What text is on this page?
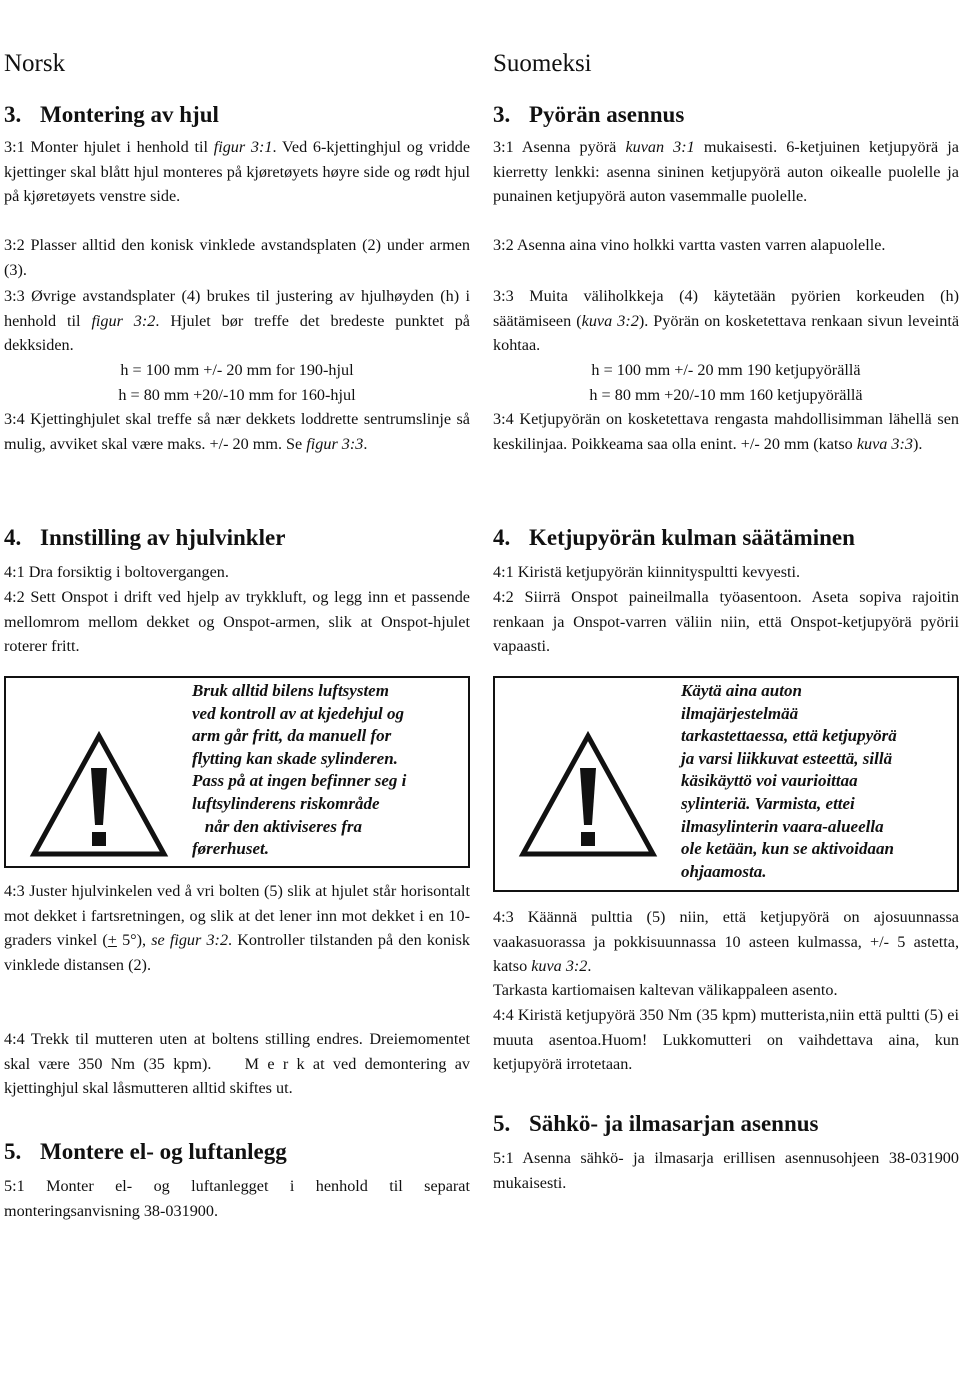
Norsk
3. Montering av hjul

3:1 Monter hjulet i henhold til figur 3:1. Ved 6-kjettinghjul og vridde kjettinger skal blått hjul monteres på kjøretøyets høyre side og rødt hjul på kjøretøyets venstre side.

3:2 Plasser alltid den konisk vinklede avstandsplaten (2) under armen (3).

3:3 Øvrige avstandsplater (4) brukes til justering av hjulhøyden (h) i henhold til figur 3:2. Hjulet bør treffe det bredeste punktet på dekksiden.

h = 100 mm +/- 20 mm for 190-hjul

h = 80 mm +20/-10 mm for 160-hjul

3:4 Kjettinghjulet skal treffe så nær dekkets loddrette sentrumslinje så mulig, avviket skal være maks. +/- 20 mm. Se figur 3:3.

4. Innstilling av hjulvinkler

4:1 Dra forsiktig i boltovergangen.

4:2 Sett Onspot i drift ved hjelp av trykkluft, og legg inn et passende mellomrom mellom dekket og Onspot-armen, slik at Onspot-hjulet roterer fritt.

Bruk alltid bilens luftsystem
ved kontroll av at kjedehjul og
arm går fritt, da manuell for
flytting kan skade sylinderen.
Pass på at ingen befinner seg i
luftsylinderens riskområde
når den aktiviseres fra
førerhuset.

4:3 Juster hjulvinkelen ved å vri bolten (5) slik at hjulet står horisontalt mot dekket i fartsretningen, og slik at det lener inn mot dekket i en 10-graders vinkel (+ 5°), se figur 3:2. Kontroller tilstanden på den konisk vinklede distansen (2).

4:4 Trekk til mutteren uten at boltens stilling endres. Dreiemomentet skal være 350 Nm (35 kpm).    M e r k at ved demontering av kjettinghjul skal låsmutteren alltid skiftes ut.

5. Montere el- og luftanlegg

5:1 Monter el- og luftanlegget i henhold til separat monteringsanvisning 38-031900.

Suomeksi
3. Pyörän asennus

3:1 Asenna pyörä kuvan 3:1 mukaisesti. 6-ketjuinen ketjupyörä ja kierretty lenkki: asenna sininen ketjupyörä auton oikealle puolelle ja punainen ketjupyörä auton vasemmalle puolelle.

3:2 Asenna aina vino holkki vartta vasten varren alapuolelle.

3:3 Muita väliholkkeja (4) käytetään pyörien korkeuden (h) säätämiseen (kuva 3:2). Pyörän on kosketettava renkaan sivun leveintä kohtaa.

h = 100 mm +/- 20 mm 190 ketjupyörällä

h = 80 mm +20/-10 mm 160 ketjupyörällä

3:4 Ketjupyörän on kosketettava rengasta mahdollisimman lähellä sen keskilinjaa. Poikkeama saa olla enint. +/- 20 mm (katso kuva 3:3).

4. Ketjupyörän kulman säätäminen

4:1 Kiristä ketjupyörän kiinnityspultti kevyesti.

4:2 Siirrä Onspot paineilmalla työasentoon. Aseta sopiva rajoitin renkaan ja Onspot-varren väliin niin, että Onspot-ketjupyörä pyörii vapaasti.

Käytä aina auton
ilmajärjestelmää
tarkastettaessa, että ketjupyörä
ja varsi liikkuvat esteettä, sillä
käsikäyttö voi vaurioittaa
sylinteriä. Varmista, ettei
ilmasylinterin vaara-alueella
ole ketään, kun se aktivoidaan
ohjaamosta.

4:3 Käännä pulttia (5) niin, että ketjupyörä on ajosuunnassa vaakasuorassa ja pokkisuunnassa 10 asteen kulmassa, +/- 5 astetta, katso kuva 3:2.

Tarkasta kartiomaisen kaltevan välikappaleen asento.

4:4 Kiristä ketjupyörä 350 Nm (35 kpm) mutterista,niin että pultti (5) ei muuta asentoa.Huom! Lukkomutteri on vaihdettava aina, kun ketjupyörä irrotetaan.

5. Sähkö- ja ilmasarjan asennus

5:1 Asenna sähkö- ja ilmasarja erillisen asennusohjeen 38-031900 mukaisesti.
